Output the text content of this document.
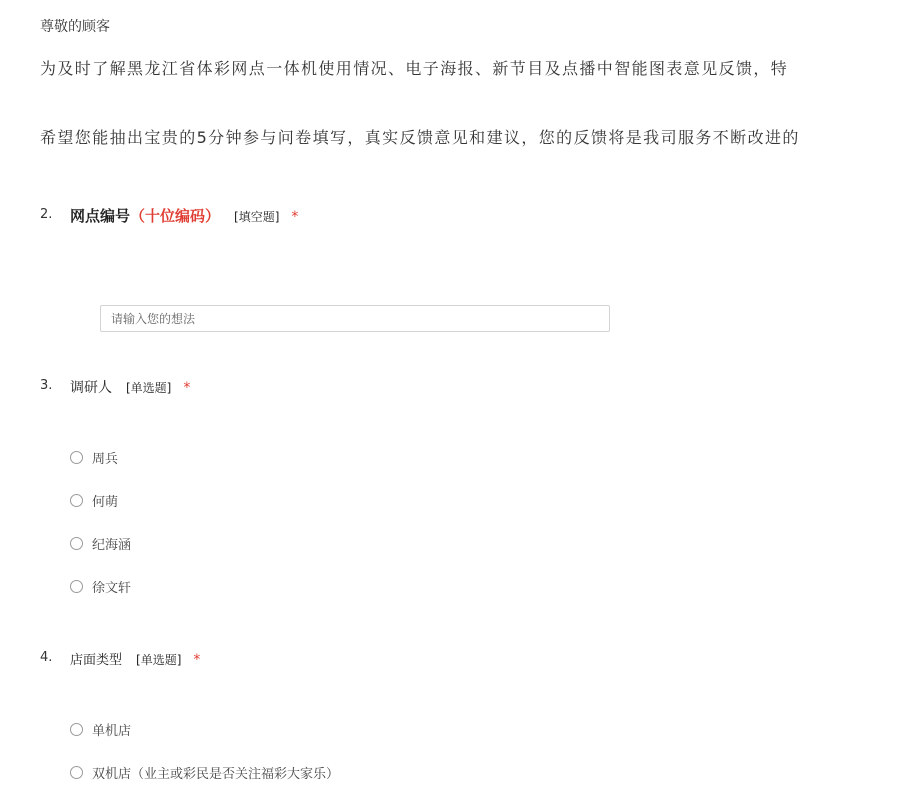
尊敬的顾客
为及时了解黑龙江省体彩网点一体机使用情况、电子海报、新节目及点播中智能图表意见反馈，特
希望您能抽出宝贵的5分钟参与问卷填写，真实反馈意见和建议，您的反馈将是我司服务不断改进的
2. 网点编号（十位编码） [填空题] *
请输入您的想法
3. 调研人 [单选题] *
周兵
何萌
纪海涵
徐文轩
4. 店面类型 [单选题] *
单机店
双机店（业主或彩民是否关注福彩大家乐）
